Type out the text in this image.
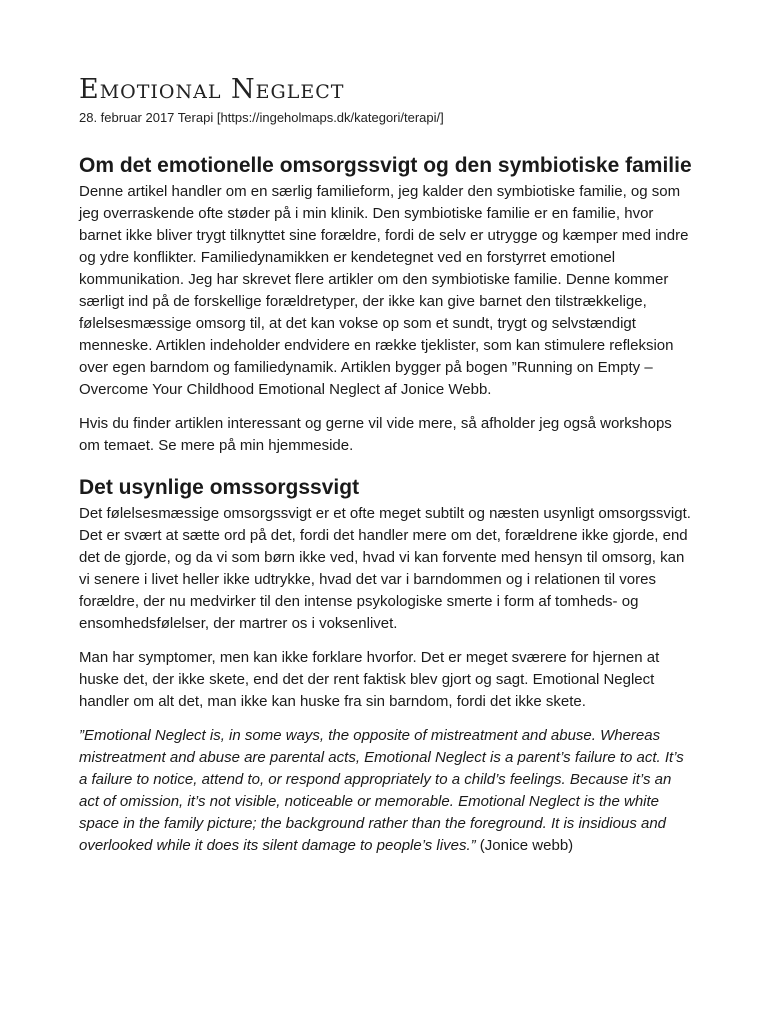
Emotional Neglect
28. februar 2017 Terapi [https://ingeholmaps.dk/kategori/terapi/]
Om det emotionelle omsorgssvigt og den symbiotiske familie

Denne artikel handler om en særlig familieform, jeg kalder den symbiotiske familie, og som jeg overraskende ofte støder på i min klinik. Den symbiotiske familie er en familie, hvor barnet ikke bliver trygt tilknyttet sine forældre, fordi de selv er utrygge og kæmper med indre og ydre konflikter. Familiedynamikken er kendetegnet ved en forstyrret emotionel kommunikation. Jeg har skrevet flere artikler om den symbiotiske familie. Denne kommer særligt ind på de forskellige forældretyper, der ikke kan give barnet den tilstrækkelige, følelsesmæssige omsorg til, at det kan vokse op som et sundt, trygt og selvstændigt menneske. Artiklen indeholder endvidere en række tjeklister, som kan stimulere refleksion over egen barndom og familiedynamik. Artiklen bygger på bogen ”Running on Empty – Overcome Your Childhood Emotional Neglect af Jonice Webb.

Hvis du finder artiklen interessant og gerne vil vide mere, så afholder jeg også workshops om temaet. Se mere på min hjemmeside.

Det usynlige omssorgssvigt

Det følelsesmæssige omsorgssvigt er et ofte meget subtilt og næsten usynligt omsorgssvigt. Det er svært at sætte ord på det, fordi det handler mere om det, forældrene ikke gjorde, end det de gjorde, og da vi som børn ikke ved, hvad vi kan forvente med hensyn til omsorg, kan vi senere i livet heller ikke udtrykke, hvad det var i barndommen og i relationen til vores forældre, der nu medvirker til den intense psykologiske smerte i form af tomheds- og ensomhedsfølelser, der martrer os i voksenlivet.

Man har symptomer, men kan ikke forklare hvorfor. Det er meget sværere for hjernen at huske det, der ikke skete, end det der rent faktisk blev gjort og sagt. Emotional Neglect handler om alt det, man ikke kan huske fra sin barndom, fordi det ikke skete.

”Emotional Neglect is, in some ways, the opposite of mistreatment and abuse. Whereas mistreatment and abuse are parental acts, Emotional Neglect is a parent’s failure to act. It’s a failure to notice, attend to, or respond appropriately to a child’s feelings. Because it’s an act of omission, it’s not visible, noticeable or memorable. Emotional Neglect is the white space in the family picture; the background rather than the foreground. It is insidious and overlooked while it does its silent damage to people’s lives.” (Jonice webb)
